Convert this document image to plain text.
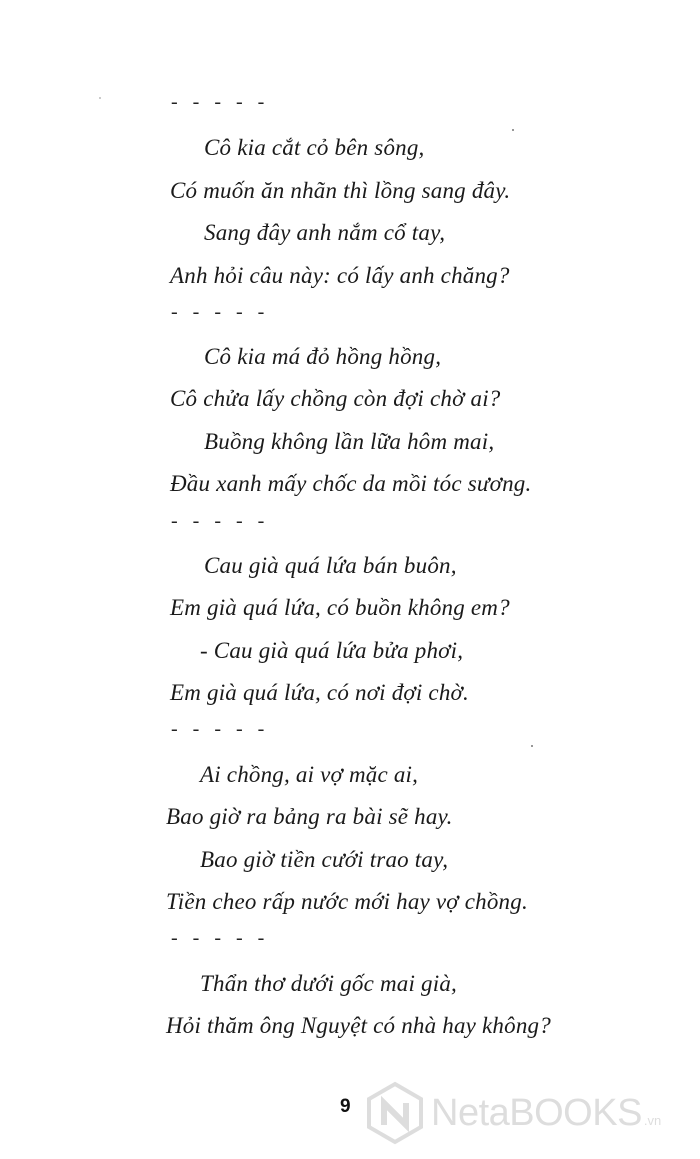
- - - - -
Cô kia cắt cỏ bên sông,
Có muốn ăn nhãn thì lồng sang đây.
Sang đây anh nắm cổ tay,
Anh hỏi câu này: có lấy anh chăng?
- - - - -
Cô kia má đỏ hồng hồng,
Cô chửa lấy chồng còn đợi chờ ai?
Buồng không lần lữa hôm mai,
Đầu xanh mấy chốc da mồi tóc sương.
- - - - -
Cau già quá lứa bán buôn,
Em già quá lứa, có buồn không em?
- Cau già quá lứa bửa phơi,
Em già quá lứa, có nơi đợi chờ.
- - - - -
Ai chồng, ai vợ mặc ai,
Bao giờ ra bảng ra bài sẽ hay.
Bao giờ tiền cưới trao tay,
Tiền cheo rấp nước mới hay vợ chồng.
- - - - -
Thẩn thơ dưới gốc mai già,
Hỏi thăm ông Nguyệt có nhà hay không?
9 NetaBOOKS .vn
